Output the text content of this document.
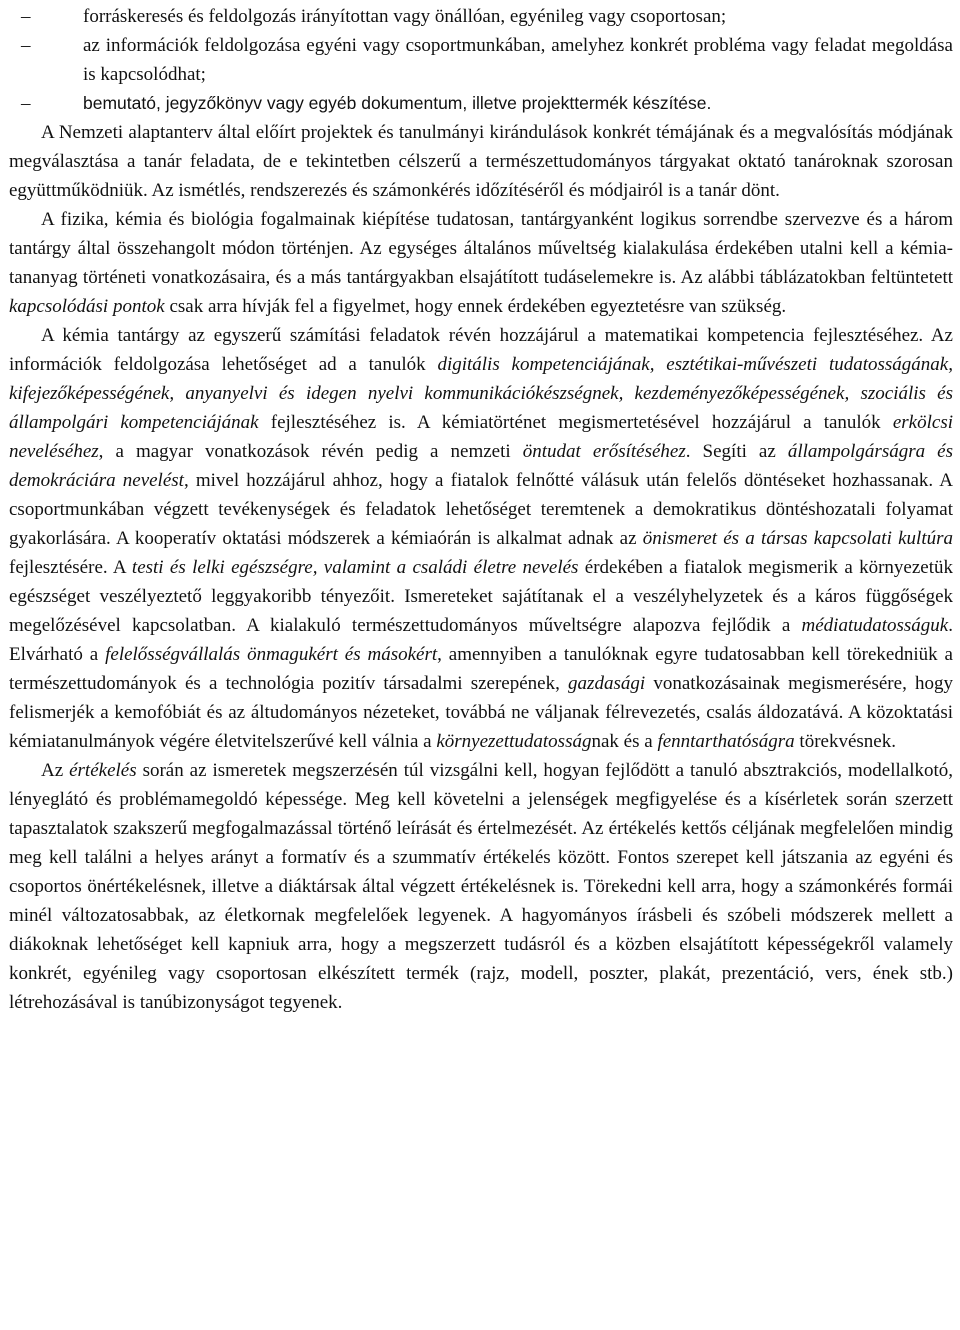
–	forráskeresés és feldolgozás irányítottan vagy önállóan, egyénileg vagy csoportosan;
–	az információk feldolgozása egyéni vagy csoportmunkában, amelyhez konkrét probléma vagy feladat megoldása is kapcsolódhat;
–	bemutató, jegyzőkönyv vagy egyéb dokumentum, illetve projekttermék készítése.

A Nemzeti alaptanterv által előírt projektek és tanulmányi kirándulások konkrét témájának és a megvalósítás módjának megválasztása a tanár feladata, de e tekintetben célszerű a természettudományos tárgyakat oktató tanároknak szorosan együttműködniük. Az ismétlés, rendszerezés és számonkérés időzítéséről és módjairól is a tanár dönt.

A fizika, kémia és biológia fogalmainak kiépítése tudatosan, tantárgyanként logikus sorrendbe szervezve és a három tantárgy által összehangolt módon történjen. Az egységes általános műveltség kialakulása érdekében utalni kell a kémia-tananyag történeti vonatkozásaira, és a más tantárgyakban elsajátított tudáselemekre is. Az alábbi táblázatokban feltüntetett kapcsolódási pontok csak arra hívják fel a figyelmet, hogy ennek érdekében egyeztetésre van szükség.

A kémia tantárgy az egyszerű számítási feladatok révén hozzájárul a matematikai kompetencia fejlesztéséhez. Az információk feldolgozása lehetőséget ad a tanulók digitális kompetenciájának, esztétikai-művészeti tudatosságának, kifejezőképességének, anyanyelvi és idegen nyelvi kommunikációkészségnek, kezdeményezőképességének, szociális és állampolgári kompetenciájának fejlesztéséhez is. A kémiatörténet megismertetésével hozzájárul a tanulók erkölcsi neveléséhez, a magyar vonatkozások révén pedig a nemzeti öntudat erősítéséhez. Segíti az állampolgárságra és demokráciára nevelést, mivel hozzájárul ahhoz, hogy a fiatalok felnőtté válásuk után felelős döntéseket hozhassanak. A csoportmunkában végzett tevékenységek és feladatok lehetőséget teremtenek a demokratikus döntéshozatali folyamat gyakorlására. A kooperatív oktatási módszerek a kémiaórán is alkalmat adnak az önismeret és a társas kapcsolati kultúra fejlesztésére. A testi és lelki egészségre, valamint a családi életre nevelés érdekében a fiatalok megismerik a környezetük egészséget veszélyeztető leggyakoribb tényezőit. Ismereteket sajátítanak el a veszélyhelyzetek és a káros függőségek megelőzésével kapcsolatban. A kialakuló természettudományos műveltségre alapozva fejlődik a médiatudatosságuk. Elvárható a felelősségvállalás önmagukért és másokért, amennyiben a tanulóknak egyre tudatosabban kell törekedniük a természettudományok és a technológia pozitív társadalmi szerepének, gazdasági vonatkozásainak megismerésére, hogy felismerjék a kemofóbiát és az áltudományos nézeteket, továbbá ne váljanak félrevezetés, csalás áldozatává. A közoktatási kémiatanulmányok végére életvitelszerűvé kell válnia a környezettudatosságnak és a fenntarthatóságra törekvésnek.

Az értékelés során az ismeretek megszerzésén túl vizsgálni kell, hogyan fejlődött a tanuló absztrakciós, modellalkotó, lényeglátó és problémamegoldó képessége. Meg kell követelni a jelenségek megfigyelése és a kísérletek során szerzett tapasztalatok szakszerű megfogalmazással történő leírását és értelmezését. Az értékelés kettős céljának megfelelően mindig meg kell találni a helyes arányt a formatív és a szummatív értékelés között. Fontos szerepet kell játszania az egyéni és csoportos önértékelésnek, illetve a diáktársak által végzett értékelésnek is. Törekedni kell arra, hogy a számonkérés formái minél változatosabbak, az életkornak megfelelőek legyenek. A hagyományos írásbeli és szóbeli módszerek mellett a diákoknak lehetőséget kell kapniuk arra, hogy a megszerzett tudásról és a közben elsajátított képességekről valamely konkrét, egyénileg vagy csoportosan elkészített termék (rajz, modell, poszter, plakát, prezentáció, vers, ének stb.) létrehozásával is tanúbizonyságot tegyenek.
